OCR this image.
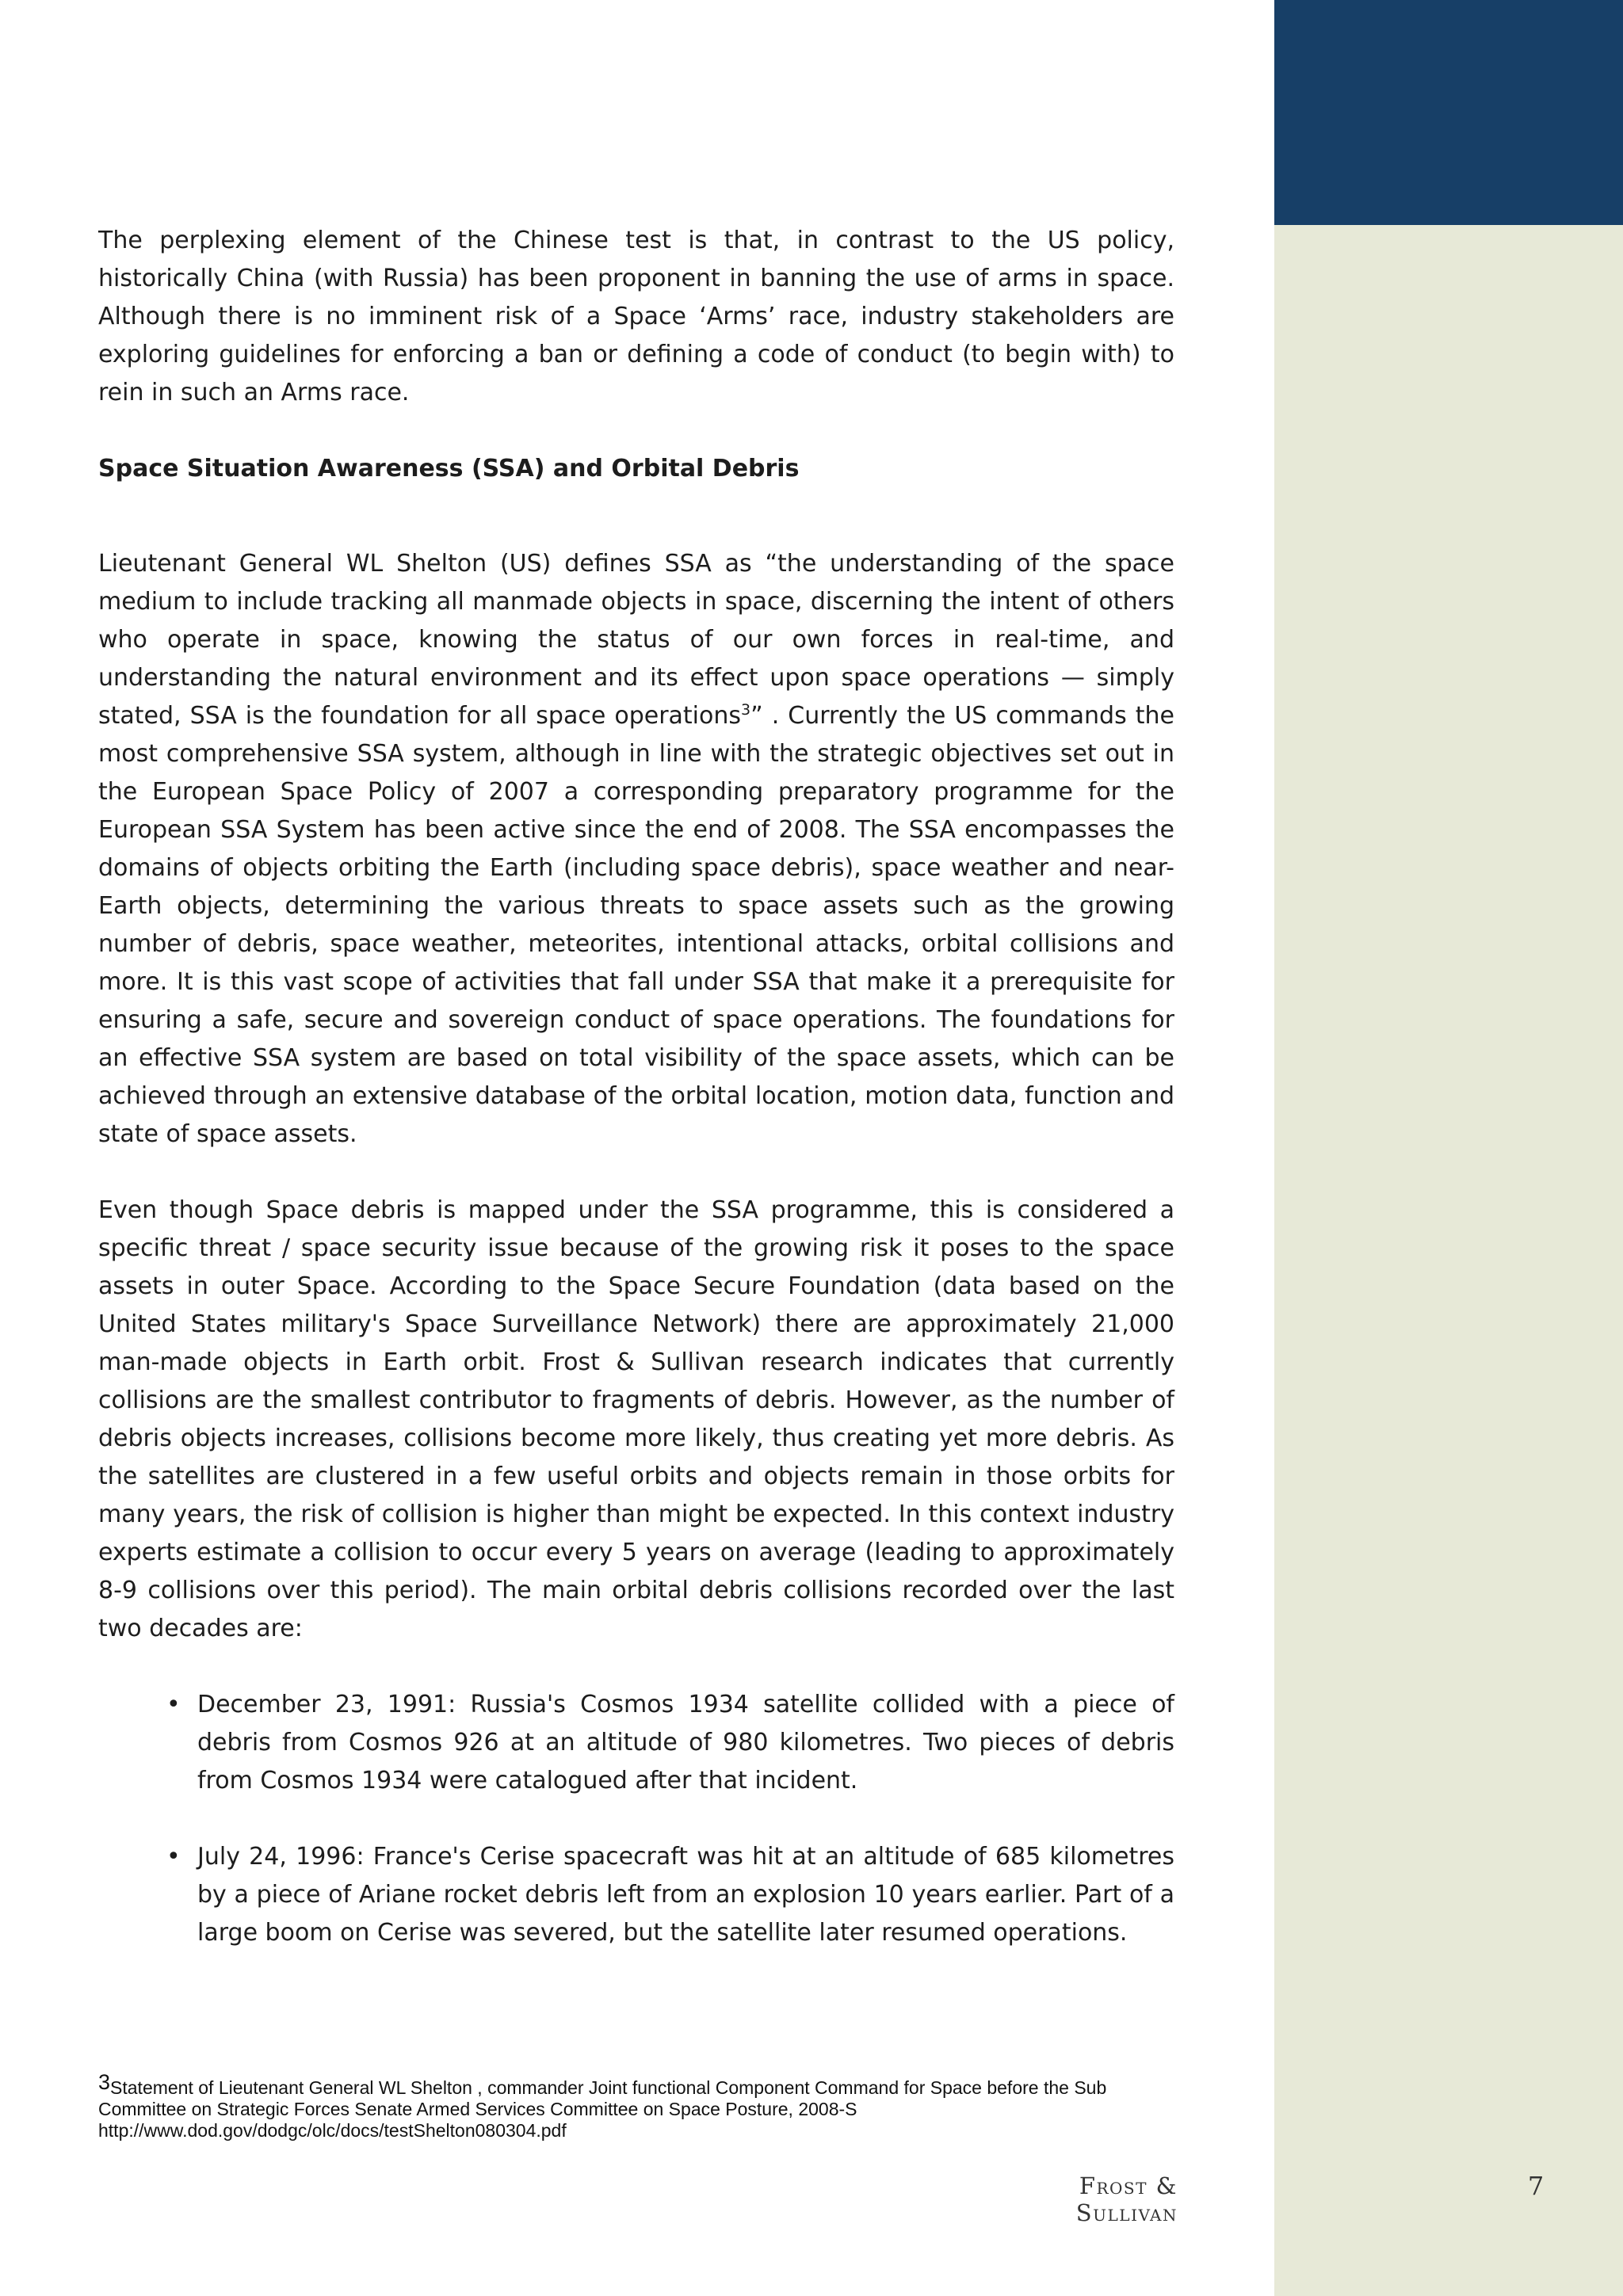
The perplexing element of the Chinese test is that, in contrast to the US policy, historically China (with Russia) has been proponent in banning the use of arms in space. Although there is no imminent risk of a Space ‘Arms’ race, industry stakeholders are exploring guidelines for enforcing a ban or defining a code of conduct (to begin with) to rein in such an Arms race.

Space Situation Awareness (SSA) and Orbital Debris

Lieutenant General WL Shelton (US) defines SSA as “the understanding of the space medium to include tracking all manmade objects in space, discerning the intent of others who operate in space, knowing the status of our own forces in real-time, and understanding the natural environment and its effect upon space operations — simply stated, SSA is the foundation for all space operations$^3$” . Currently the US commands the most comprehensive SSA system, although in line with the strategic objectives set out in the European Space Policy of 2007 a corresponding preparatory programme for the European SSA System has been active since the end of 2008. The SSA encompasses the domains of objects orbiting the Earth (including space debris), space weather and near-Earth objects, determining the various threats to space assets such as the growing number of debris, space weather, meteorites, intentional attacks, orbital collisions and more. It is this vast scope of activities that fall under SSA that make it a prerequisite for ensuring a safe, secure and sovereign conduct of space operations. The foundations for an effective SSA system are based on total visibility of the space assets, which can be achieved through an extensive database of the orbital location, motion data, function and state of space assets.

Even though Space debris is mapped under the SSA programme, this is considered a specific threat / space security issue because of the growing risk it poses to the space assets in outer Space. According to the Space Secure Foundation (data based on the United States military's Space Surveillance Network) there are approximately 21,000 man-made objects in Earth orbit. Frost & Sullivan research indicates that currently collisions are the smallest contributor to fragments of debris. However, as the number of debris objects increases, collisions become more likely, thus creating yet more debris. As the satellites are clustered in a few useful orbits and objects remain in those orbits for many years, the risk of collision is higher than might be expected. In this context industry experts estimate a collision to occur every 5 years on average (leading to approximately 8-9 collisions over this period). The main orbital debris collisions recorded over the last two decades are:

• December 23, 1991: Russia's Cosmos 1934 satellite collided with a piece of debris from Cosmos 926 at an altitude of 980 kilometres. Two pieces of debris from Cosmos 1934 were catalogued after that incident.
• July 24, 1996: France's Cerise spacecraft was hit at an altitude of 685 kilometres by a piece of Ariane rocket debris left from an explosion 10 years earlier. Part of a large boom on Cerise was severed, but the satellite later resumed operations.
$^3$Statement of Lieutenant General WL Shelton , commander Joint functional Component Command for Space before the Sub Committee on Strategic Forces Senate Armed Services Committee on Space Posture, 2008-S http://www.dod.gov/dodgc/olc/docs/testShelton080304.pdf
Frost & Sullivan
7
